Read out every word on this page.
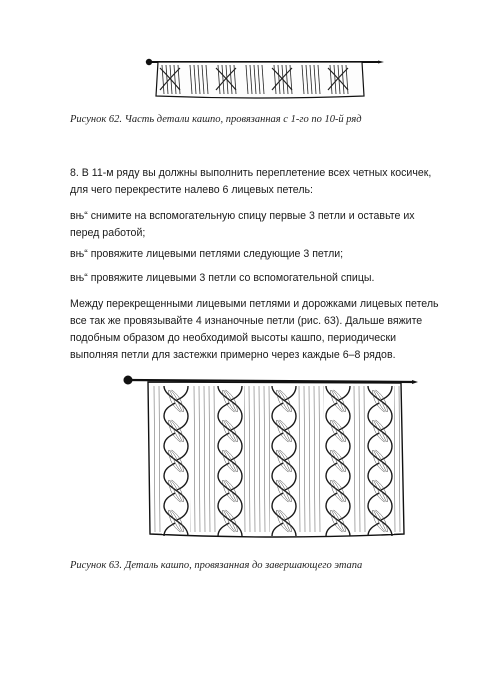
Рисунок 62. Часть детали кашпо, провязанная с 1-го по 10-й ряд

8. В 11-м ряду вы должны выполнить переплетение всех четных косичек, для чего перекрестите налево 6 лицевых петель:

вњ“ снимите на вспомогательную спицу первые 3 петли и оставьте их перед работой;

вњ“ провяжите лицевыми петлями следующие 3 петли;

вњ“ провяжите лицевыми 3 петли со вспомогательной спицы.

Между перекрещенными лицевыми петлями и дорожками лицевых петель все так же провязывайте 4 изнаночные петли (рис. 63). Дальше вяжите подобным образом до необходимой высоты кашпо, периодически выполняя петли для застежки примерно через каждые 6–8 рядов.

Рисунок 63. Деталь кашпо, провязанная до завершающего этапа
